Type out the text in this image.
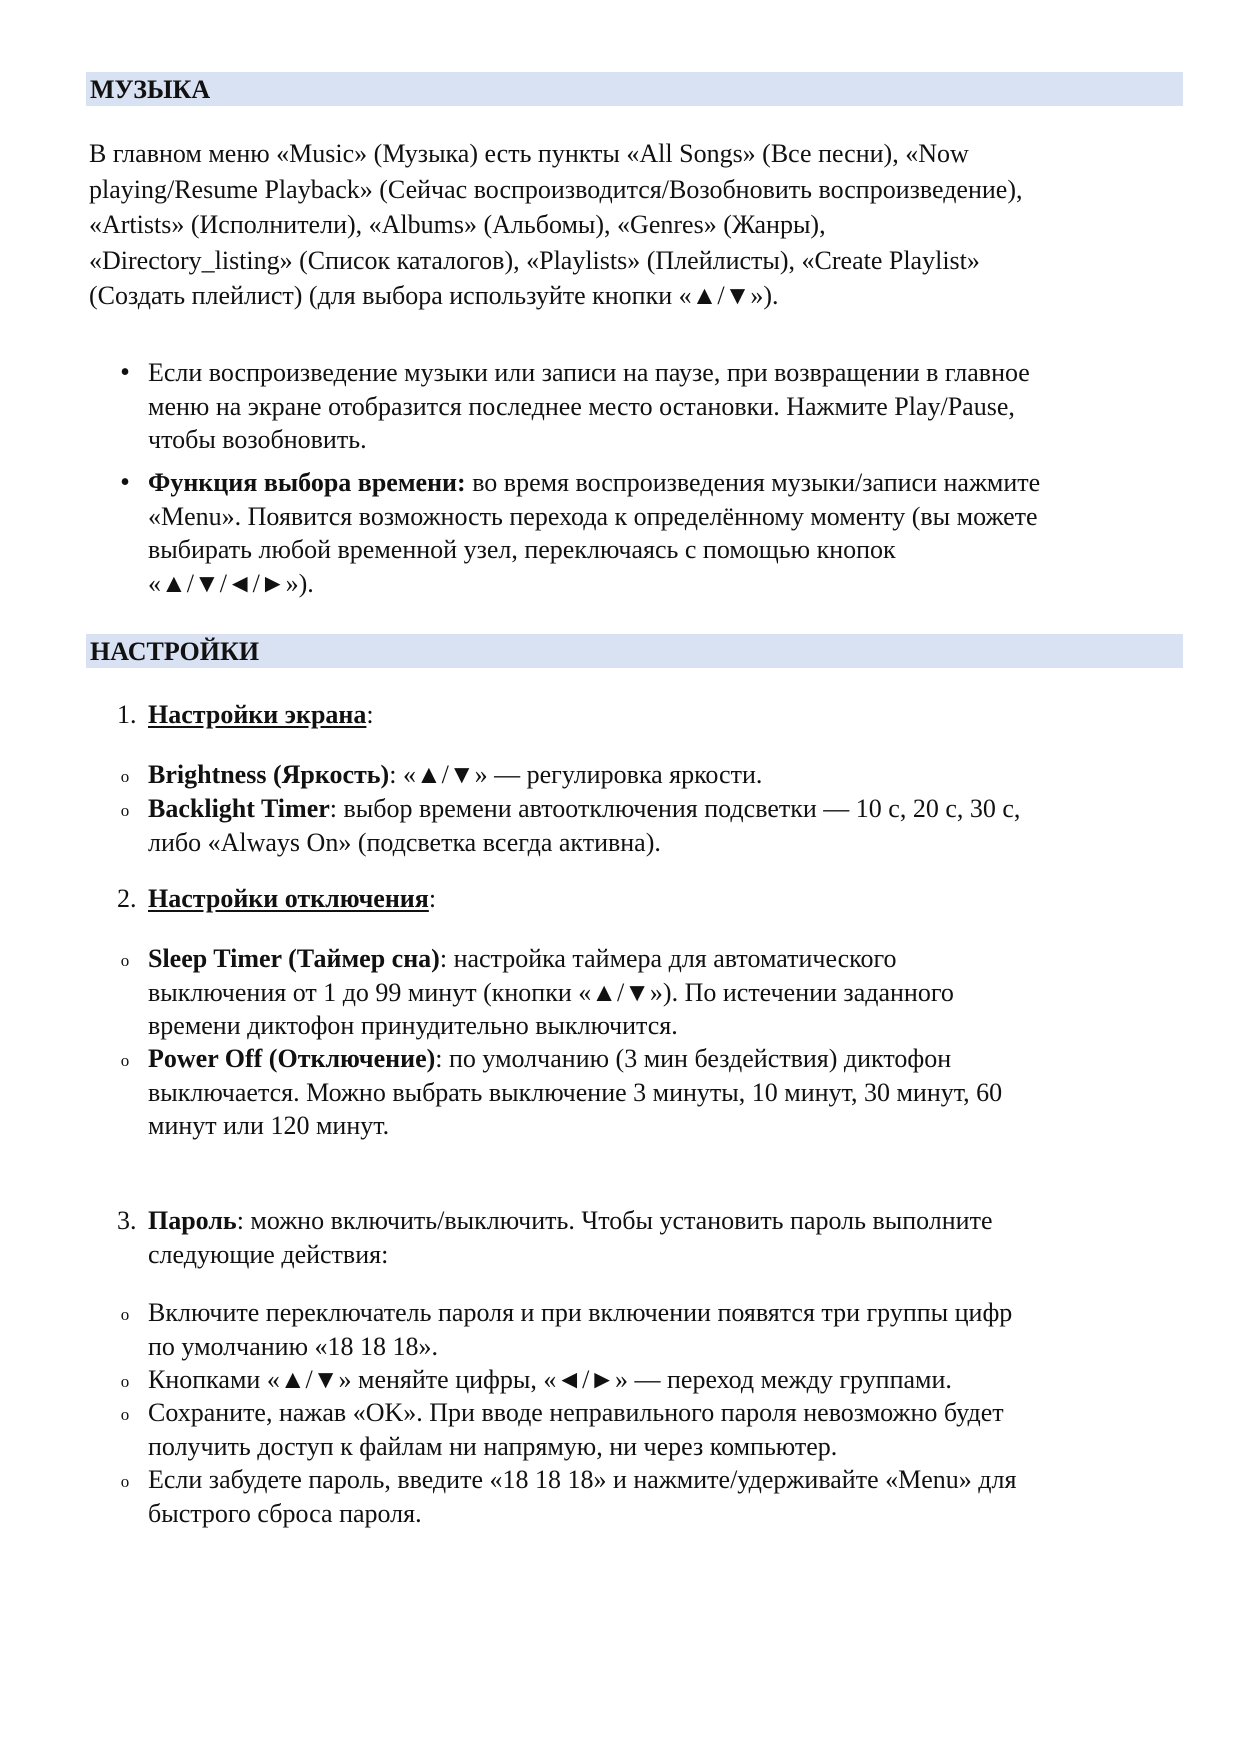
МУЗЫКА
В главном меню «Music» (Музыка) есть пункты «All Songs» (Все песни), «Now
playing/Resume Playback» (Сейчас воспроизводится/Возобновить воспроизведение),
«Artists» (Исполнители), «Albums» (Альбомы), «Genres» (Жанры),
«Directory_listing» (Список каталогов), «Playlists» (Плейлисты), «Create Playlist»
(Создать плейлист) (для выбора используйте кнопки «▲/▼»).
• Если воспроизведение музыки или записи на паузе, при возвращении в главное
меню на экране отобразится последнее место остановки. Нажмите Play/Pause,
чтобы возобновить.
• Функция выбора времени: во время воспроизведения музыки/записи нажмите
«Menu». Появится возможность перехода к определённому моменту (вы можете
выбирать любой временной узел, переключаясь с помощью кнопок
«▲/▼/◄/►»).
НАСТРОЙКИ
1. Настройки экрана:
o Brightness (Яркость): «▲/▼» — регулировка яркости.
o Backlight Timer: выбор времени автоотключения подсветки — 10 с, 20 с, 30 с,
либо «Always On» (подсветка всегда активна).
2. Настройки отключения:
o Sleep Timer (Таймер сна): настройка таймера для автоматического
выключения от 1 до 99 минут (кнопки «▲/▼»). По истечении заданного
времени диктофон принудительно выключится.
o Power Off (Отключение): по умолчанию (3 мин бездействия) диктофон
выключается. Можно выбрать выключение 3 минуты, 10 минут, 30 минут, 60
минут или 120 минут.
3. Пароль: можно включить/выключить. Чтобы установить пароль выполните
следующие действия:
o Включите переключатель пароля и при включении появятся три группы цифр
по умолчанию «18 18 18».
o Кнопками «▲/▼» меняйте цифры, «◄/►» — переход между группами.
o Сохраните, нажав «OK». При вводе неправильного пароля невозможно будет
получить доступ к файлам ни напрямую, ни через компьютер.
o Если забудете пароль, введите «18 18 18» и нажмите/удерживайте «Menu» для
быстрого сброса пароля.
